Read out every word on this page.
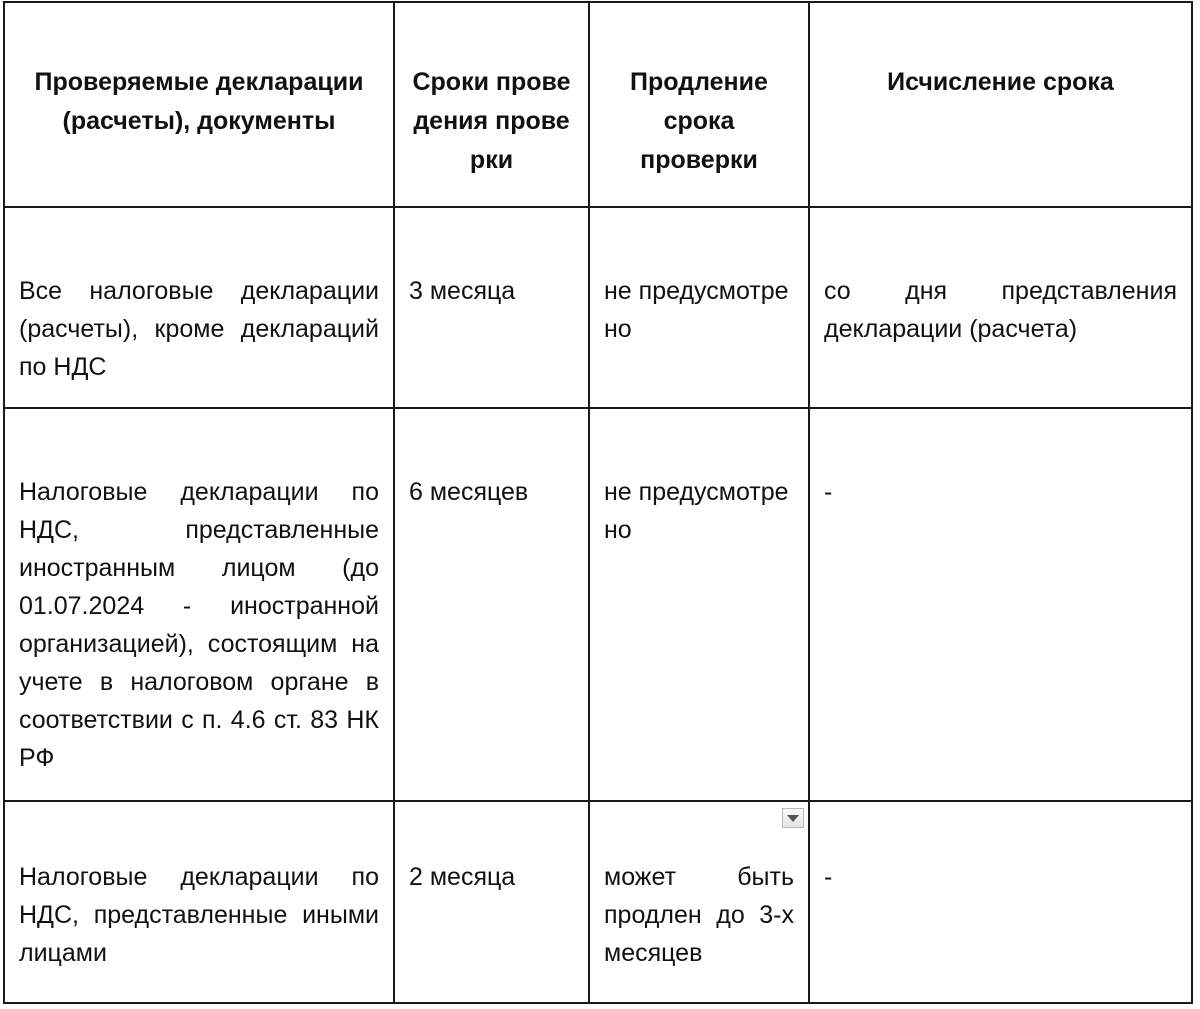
Проверяемые декларации (расчеты), документы	Сроки проведения проверки	Продление срока проверки	Исчисление срока

Все налоговые декларации (расчеты), кроме деклараций по НДС	3 месяца	не предусмотрено	со дня представления декларации (расчета)

Налоговые декларации по НДС, представленные иностранным лицом (до 01.07.2024 - иностранной организацией), состоящим на учете в налоговом органе в соответствии с п. 4.6 ст. 83 НК РФ	6 месяцев	не предусмотрено	-

Налоговые декларации по НДС, представленные иными лицами	2 месяца	может быть продлен до 3-х месяцев	-
